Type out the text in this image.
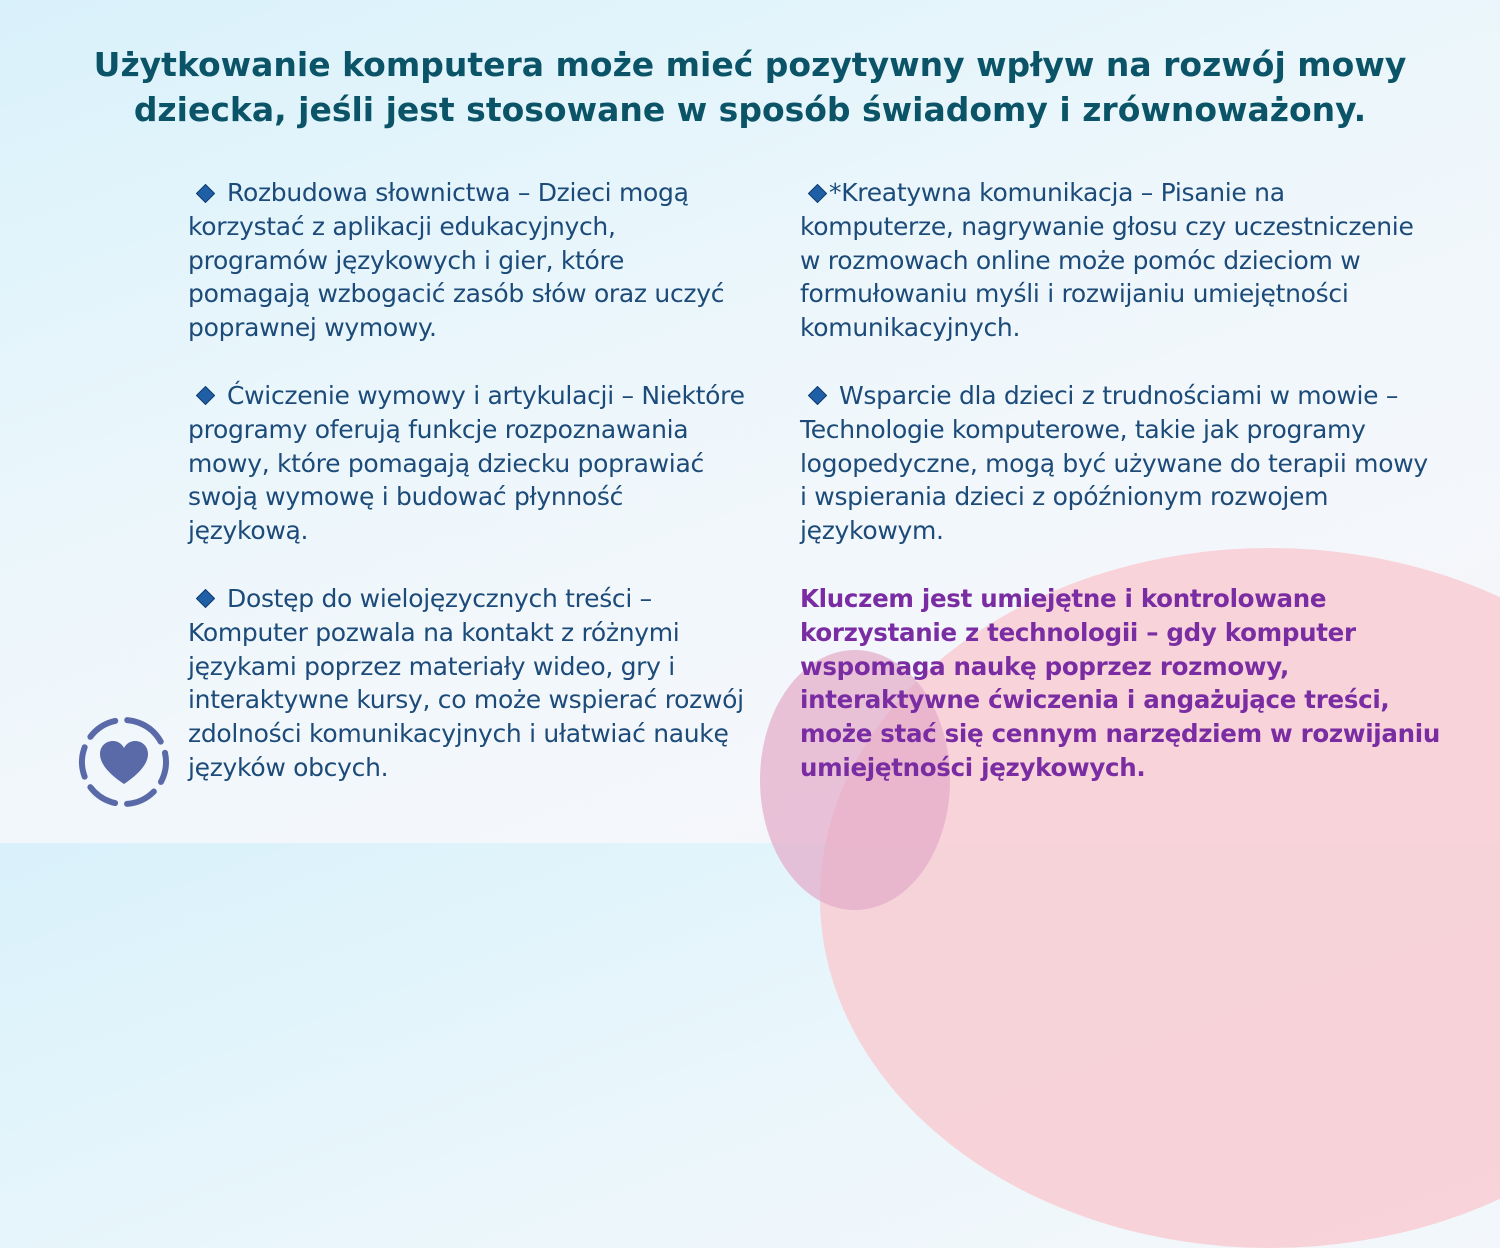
Użytkowanie komputera może mieć pozytywny wpływ na rozwój mowy dziecka, jeśli jest stosowane w sposób świadomy i zrównoważony.

Rozbudowa słownictwa – Dzieci mogą korzystać z aplikacji edukacyjnych, programów językowych i gier, które pomagają wzbogacić zasób słów oraz uczyć poprawnej wymowy.

Ćwiczenie wymowy i artykulacji – Niektóre programy oferują funkcje rozpoznawania mowy, które pomagają dziecku poprawiać swoją wymowę i budować płynność językową.

Dostęp do wielojęzycznych treści – Komputer pozwala na kontakt z różnymi językami poprzez materiały wideo, gry i interaktywne kursy, co może wspierać rozwój zdolności komunikacyjnych i ułatwiać naukę języków obcych.

*Kreatywna komunikacja – Pisanie na komputerze, nagrywanie głosu czy uczestniczenie w rozmowach online może pomóc dzieciom w formułowaniu myśli i rozwijaniu umiejętności komunikacyjnych.

Wsparcie dla dzieci z trudnościami w mowie – Technologie komputerowe, takie jak programy logopedyczne, mogą być używane do terapii mowy i wspierania dzieci z opóźnionym rozwojem językowym.

Kluczem jest umiejętne i kontrolowane korzystanie z technologii – gdy komputer wspomaga naukę poprzez rozmowy, interaktywne ćwiczenia i angażujące treści, może stać się cennym narzędziem w rozwijaniu umiejętności językowych.
